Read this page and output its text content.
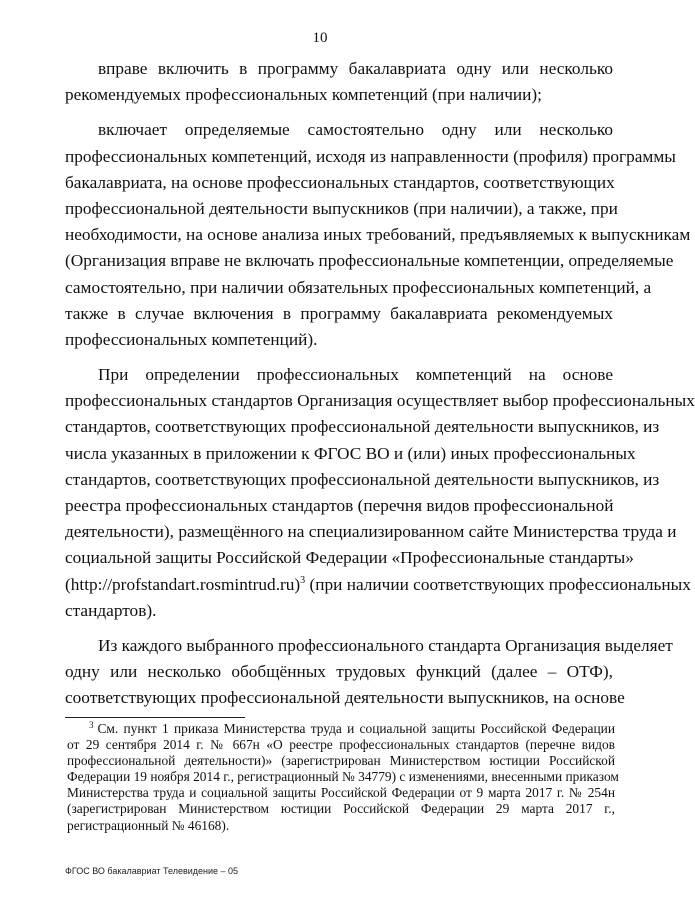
10
вправе включить в программу бакалавриата одну или несколько
рекомендуемых профессиональных компетенций (при наличии);
включает определяемые самостоятельно одну или несколько
профессиональных компетенций, исходя из направленности (профиля) программы
бакалавриата, на основе профессиональных стандартов, соответствующих
профессиональной деятельности выпускников (при наличии), а также, при
необходимости, на основе анализа иных требований, предъявляемых к выпускникам
(Организация вправе не включать профессиональные компетенции, определяемые
самостоятельно, при наличии обязательных профессиональных компетенций, а
также в случае включения в программу бакалавриата рекомендуемых
профессиональных компетенций).
При определении профессиональных компетенций на основе
профессиональных стандартов Организация осуществляет выбор профессиональных
стандартов, соответствующих профессиональной деятельности выпускников, из
числа указанных в приложении к ФГОС ВО и (или) иных профессиональных
стандартов, соответствующих профессиональной деятельности выпускников, из
реестра профессиональных стандартов (перечня видов профессиональной
деятельности), размещённого на специализированном сайте Министерства труда и
социальной защиты Российской Федерации «Профессиональные стандарты»
(http://profstandart.rosmintrud.ru)$^3$ (при наличии соответствующих профессиональных
стандартов).
Из каждого выбранного профессионального стандарта Организация выделяет
одну или несколько обобщённых трудовых функций (далее – ОТФ),
соответствующих профессиональной деятельности выпускников, на основе
$^3$ См. пункт 1 приказа Министерства труда и социальной защиты Российской Федерации
от 29 сентября 2014 г. № 667н «О реестре профессиональных стандартов (перечне видов
профессиональной деятельности)» (зарегистрирован Министерством юстиции Российской
Федерации 19 ноября 2014 г., регистрационный № 34779) с изменениями, внесенными приказом
Министерства труда и социальной защиты Российской Федерации от 9 марта 2017 г. № 254н
(зарегистрирован Министерством юстиции Российской Федерации 29 марта 2017 г.,
регистрационный № 46168).
ФГОС ВО бакалавриат Телевидение – 05
